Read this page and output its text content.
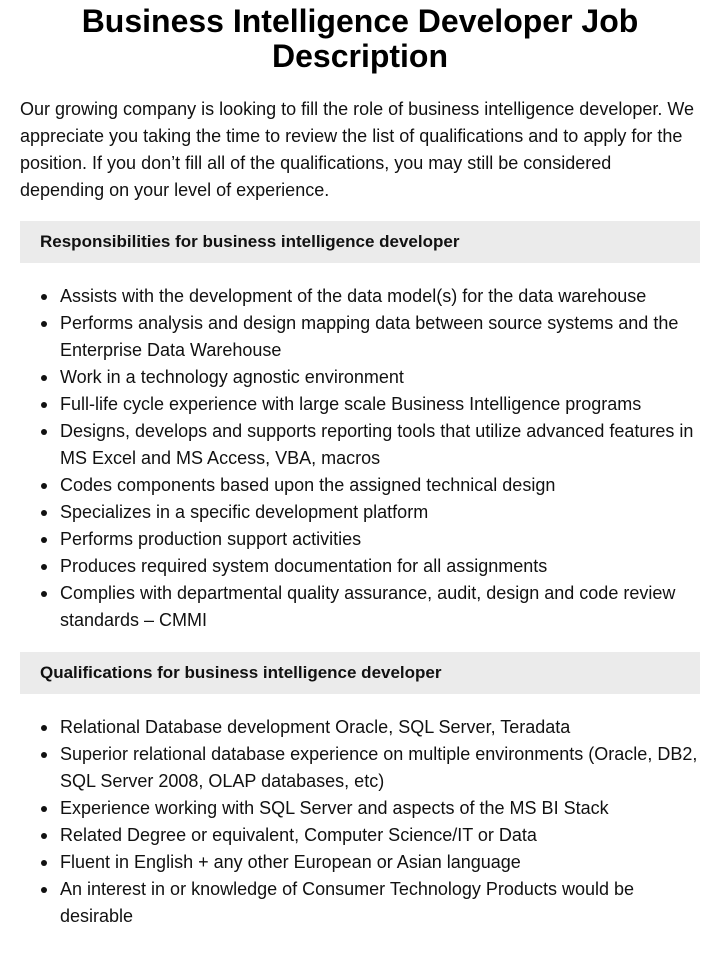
Business Intelligence Developer Job Description

Our growing company is looking to fill the role of business intelligence developer. We appreciate you taking the time to review the list of qualifications and to apply for the position. If you don’t fill all of the qualifications, you may still be considered depending on your level of experience.

Responsibilities for business intelligence developer
Assists with the development of the data model(s) for the data warehouse
Performs analysis and design mapping data between source systems and the Enterprise Data Warehouse
Work in a technology agnostic environment
Full-life cycle experience with large scale Business Intelligence programs
Designs, develops and supports reporting tools that utilize advanced features in MS Excel and MS Access, VBA, macros
Codes components based upon the assigned technical design
Specializes in a specific development platform
Performs production support activities
Produces required system documentation for all assignments
Complies with departmental quality assurance, audit, design and code review standards – CMMI
Qualifications for business intelligence developer
Relational Database development Oracle, SQL Server, Teradata
Superior relational database experience on multiple environments (Oracle, DB2, SQL Server 2008, OLAP databases, etc)
Experience working with SQL Server and aspects of the MS BI Stack
Related Degree or equivalent, Computer Science/IT or Data
Fluent in English + any other European or Asian language
An interest in or knowledge of Consumer Technology Products would be desirable
